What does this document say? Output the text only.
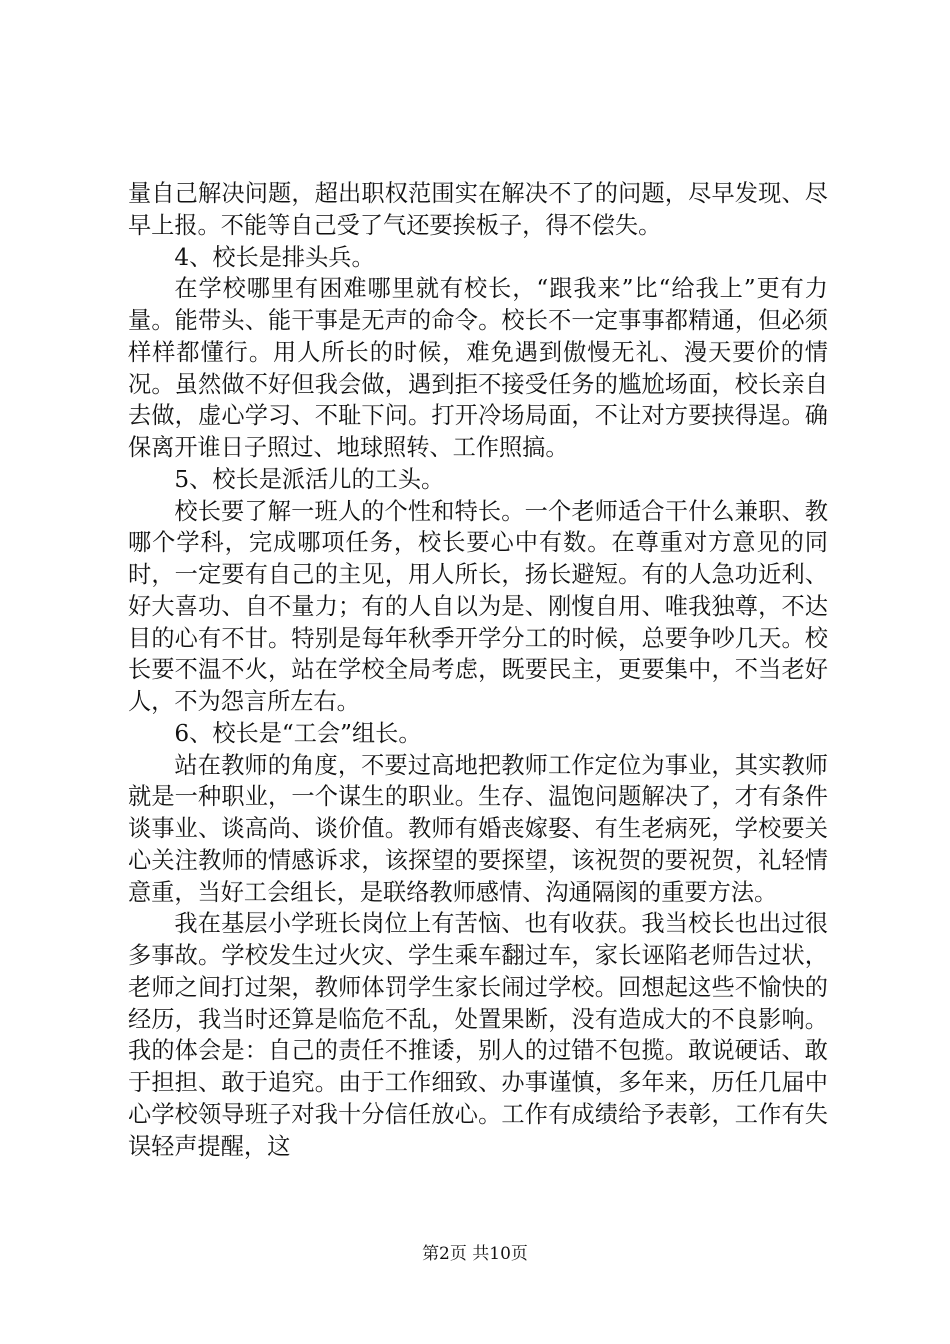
量自己解决问题，超出职权范围实在解决不了的问题，尽早发现、尽早上报。不能等自己受了气还要挨板子，得不偿失。

4、校长是排头兵。

在学校哪里有困难哪里就有校长，“跟我来”比“给我上”更有力量。能带头、能干事是无声的命令。校长不一定事事都精通，但必须样样都懂行。用人所长的时候，难免遇到傲慢无礼、漫天要价的情况。虽然做不好但我会做，遇到拒不接受任务的尴尬场面，校长亲自去做，虚心学习、不耻下问。打开冷场局面，不让对方要挟得逞。确保离开谁日子照过、地球照转、工作照搞。

5、校长是派活儿的工头。

校长要了解一班人的个性和特长。一个老师适合干什么兼职、教哪个学科，完成哪项任务，校长要心中有数。在尊重对方意见的同时，一定要有自己的主见，用人所长，扬长避短。有的人急功近利、好大喜功、自不量力；有的人自以为是、刚愎自用、唯我独尊，不达目的心有不甘。特别是每年秋季开学分工的时候，总要争吵几天。校长要不温不火，站在学校全局考虑，既要民主，更要集中，不当老好人，不为怨言所左右。

6、校长是“工会”组长。

站在教师的角度，不要过高地把教师工作定位为事业，其实教师就是一种职业，一个谋生的职业。生存、温饱问题解决了，才有条件谈事业、谈高尚、谈价值。教师有婚丧嫁娶、有生老病死，学校要关心关注教师的情感诉求，该探望的要探望，该祝贺的要祝贺，礼轻情意重，当好工会组长，是联络教师感情、沟通隔阂的重要方法。

我在基层小学班长岗位上有苦恼、也有收获。我当校长也出过很多事故。学校发生过火灾、学生乘车翻过车，家长诬陷老师告过状，老师之间打过架，教师体罚学生家长闹过学校。回想起这些不愉快的经历，我当时还算是临危不乱，处置果断，没有造成大的不良影响。我的体会是：自己的责任不推诿，别人的过错不包揽。敢说硬话、敢于担担、敢于追究。由于工作细致、办事谨慎，多年来，历任几届中心学校领导班子对我十分信任放心。工作有成绩给予表彰，工作有失误轻声提醒，这

第2页 共10页
